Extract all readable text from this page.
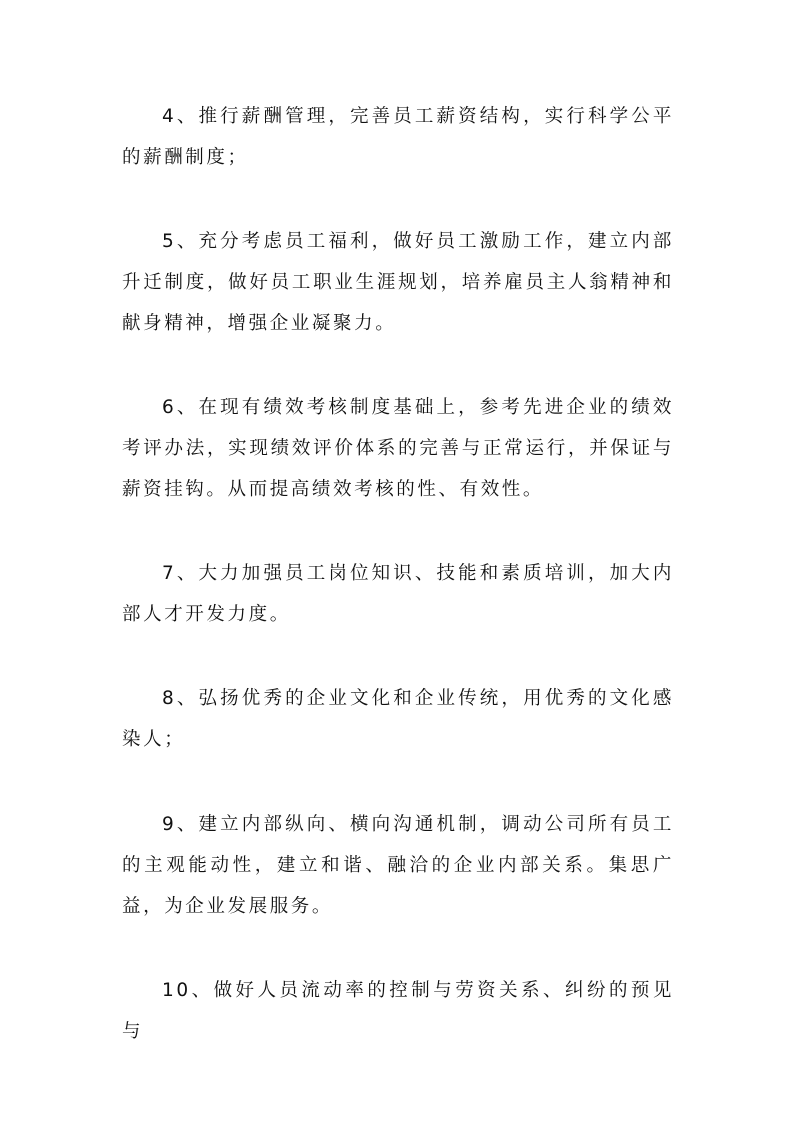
4、推行薪酬管理，完善员工薪资结构，实行科学公平的薪酬制度；

5、充分考虑员工福利，做好员工激励工作，建立内部升迁制度，做好员工职业生涯规划，培养雇员主人翁精神和献身精神，增强企业凝聚力。

6、在现有绩效考核制度基础上，参考先进企业的绩效考评办法，实现绩效评价体系的完善与正常运行，并保证与薪资挂钩。从而提高绩效考核的性、有效性。

7、大力加强员工岗位知识、技能和素质培训，加大内部人才开发力度。

8、弘扬优秀的企业文化和企业传统，用优秀的文化感染人；

9、建立内部纵向、横向沟通机制，调动公司所有员工的主观能动性，建立和谐、融洽的企业内部关系。集思广益，为企业发展服务。

10、做好人员流动率的控制与劳资关系、纠纷的预见与
